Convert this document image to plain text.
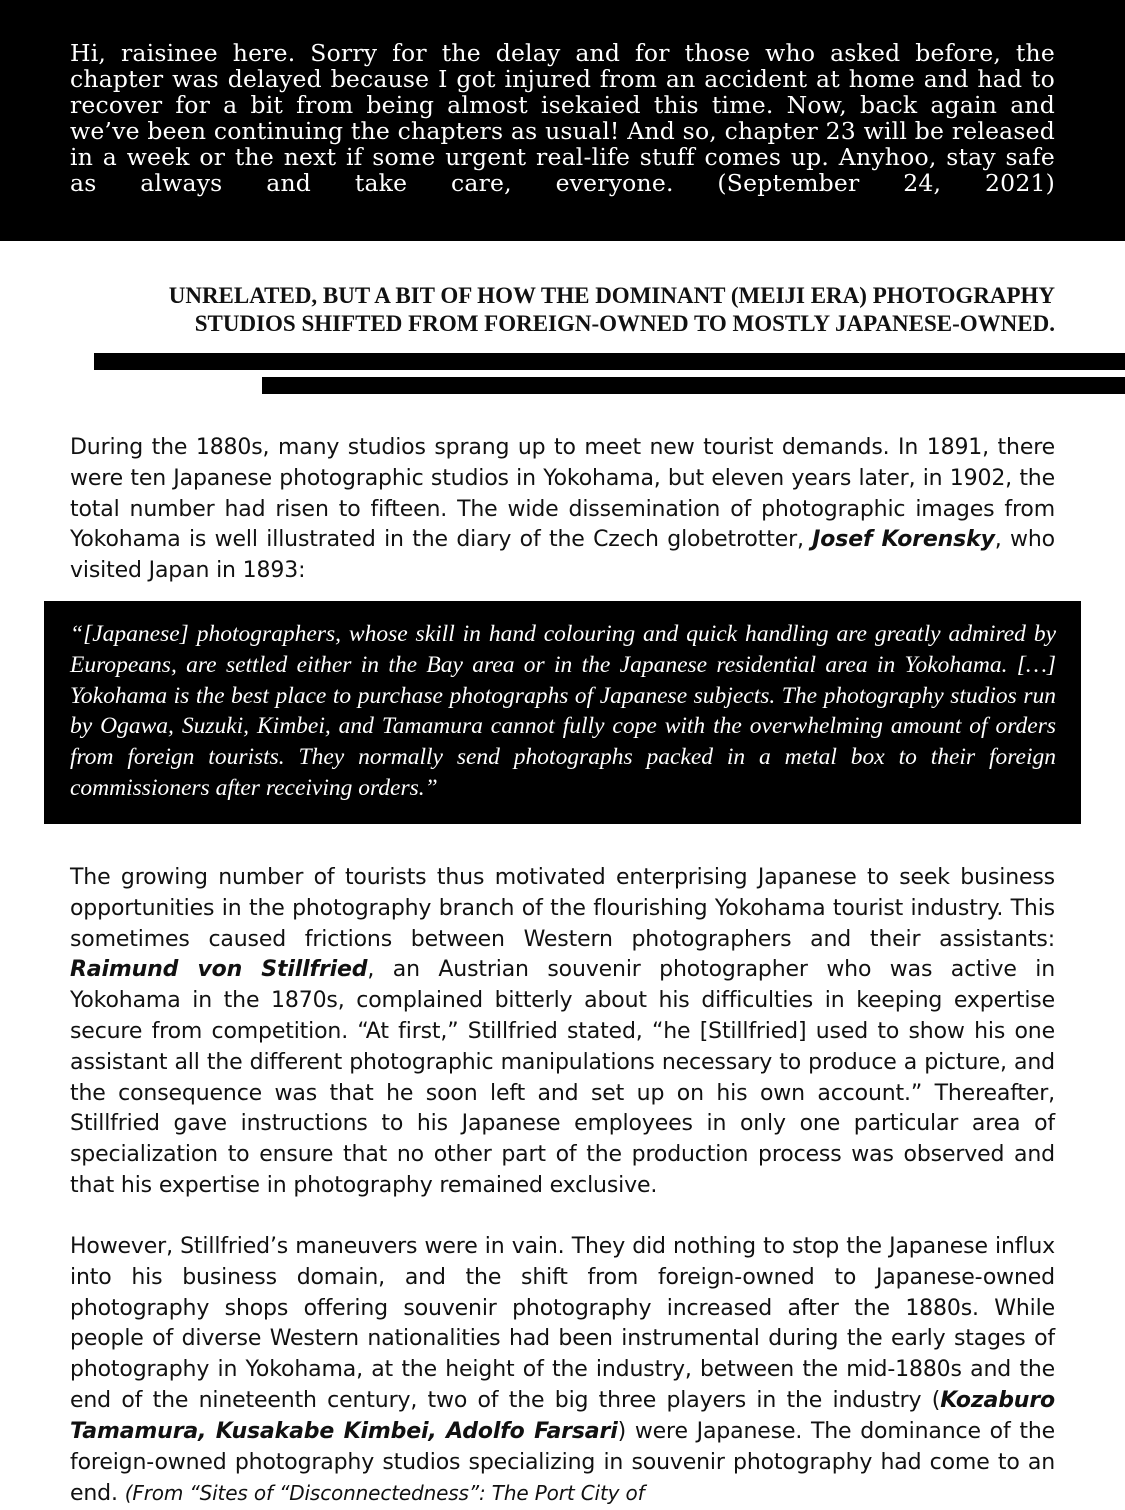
Hi, raisinee here. Sorry for the delay and for those who asked before, the chapter was delayed because I got injured from an accident at home and had to recover for a bit from being almost isekaied this time. Now, back again and we’ve been continuing the chapters as usual! And so, chapter 23 will be released in a week or the next if some urgent real-life stuff comes up. Anyhoo, stay safe as always and take care, everyone. (September 24, 2021)

UNRELATED, BUT A BIT OF HOW THE DOMINANT (MEIJI ERA) PHOTOGRAPHY
STUDIOS SHIFTED FROM FOREIGN-OWNED TO MOSTLY JAPANESE-OWNED.

During the 1880s, many studios sprang up to meet new tourist demands. In 1891, there were ten Japanese photographic studios in Yokohama, but eleven years later, in 1902, the total number had risen to fifteen. The wide dissemination of photographic images from Yokohama is well illustrated in the diary of the Czech globetrotter, Josef Korensky, who visited Japan in 1893:

“[Japanese] photographers, whose skill in hand colouring and quick handling are greatly admired by Europeans, are settled either in the Bay area or in the Japanese residential area in Yokohama. […] Yokohama is the best place to purchase photographs of Japanese subjects. The photography studios run by Ogawa, Suzuki, Kimbei, and Tamamura cannot fully cope with the overwhelming amount of orders from foreign tourists. They normally send photographs packed in a metal box to their foreign commissioners after receiving orders.”

The growing number of tourists thus motivated enterprising Japanese to seek business opportunities in the photography branch of the flourishing Yokohama tourist industry. This sometimes caused frictions between Western photographers and their assistants: Raimund von Stillfried, an Austrian souvenir photographer who was active in Yokohama in the 1870s, complained bitterly about his difficulties in keeping expertise secure from competition. “At first,” Stillfried stated, “he [Stillfried] used to show his one assistant all the different photographic manipulations necessary to produce a picture, and the consequence was that he soon left and set up on his own account.” Thereafter, Stillfried gave instructions to his Japanese employees in only one particular area of specialization to ensure that no other part of the production process was observed and that his expertise in photography remained exclusive.

However, Stillfried’s maneuvers were in vain. They did nothing to stop the Japanese influx into his business domain, and the shift from foreign-owned to Japanese-owned photography shops offering souvenir photography increased after the 1880s. While people of diverse Western nationalities had been instrumental during the early stages of photography in Yokohama, at the height of the industry, between the mid-1880s and the end of the nineteenth century, two of the big three players in the industry (Kozaburo Tamamura, Kusakabe Kimbei, Adolfo Farsari) were Japanese. The dominance of the foreign-owned photography studios specializing in souvenir photography had come to an end. (From “Sites of “Disconnectedness”: The Port City of
